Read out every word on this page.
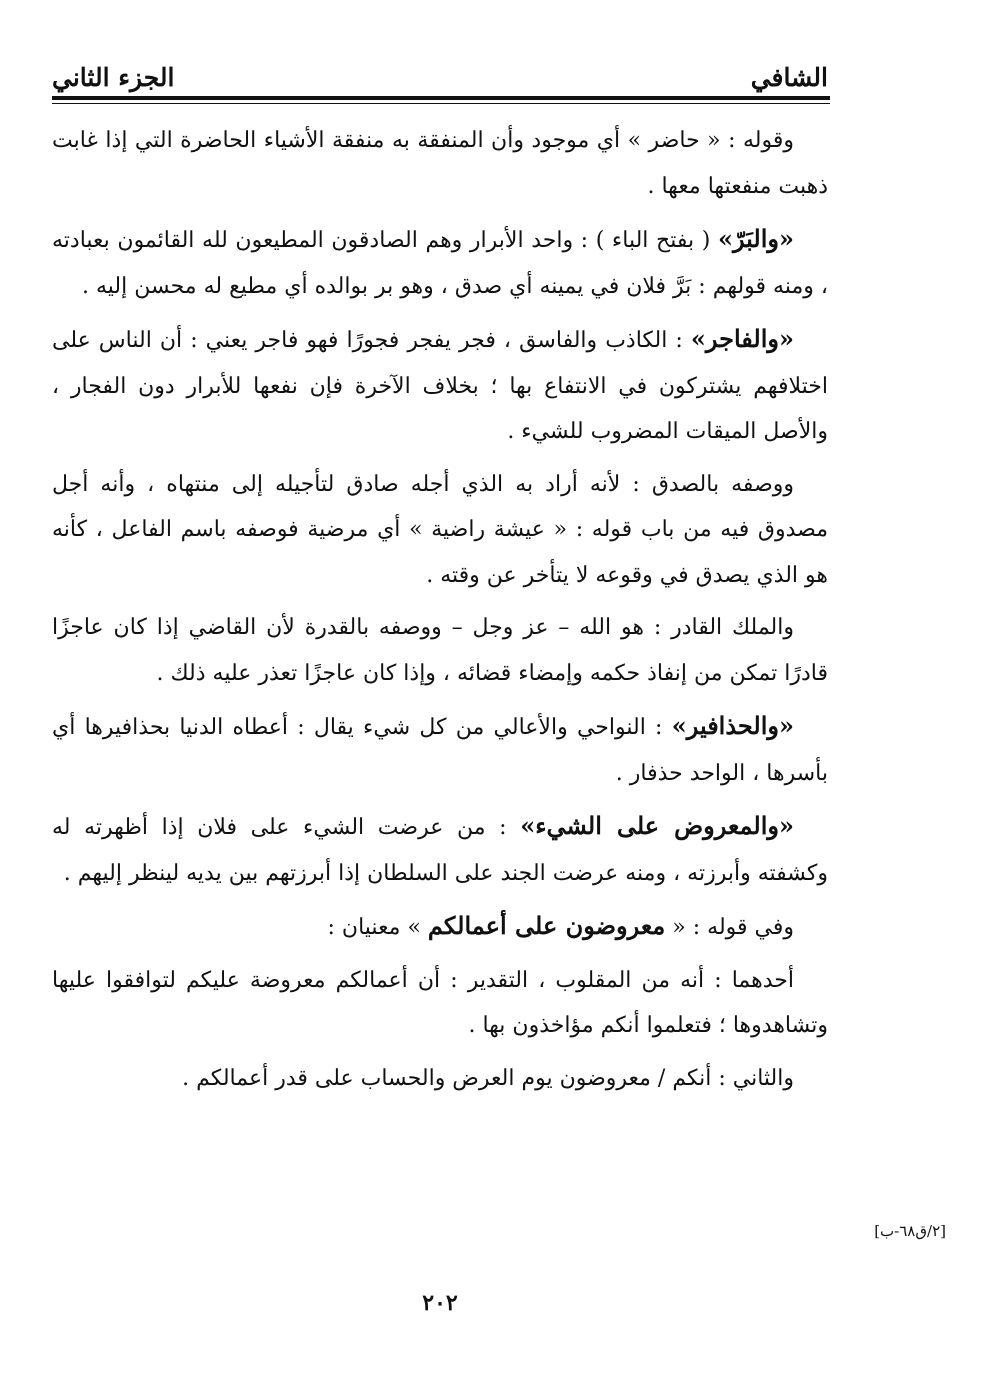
الشافي
الجزء الثاني

وقوله : « حاضر » أي موجود وأن المنفقة به منفقة الأشياء الحاضرة التي إذا غابت ذهبت منفعتها معها .

«والبَرّ» ( بفتح الباء ) : واحد الأبرار وهم الصادقون المطيعون لله القائمون بعبادته ، ومنه قولهم : بَرَّ فلان في يمينه أي صدق ، وهو بر بوالده أي مطيع له محسن إليه .

«والفاجر» : الكاذب والفاسق ، فجر يفجر فجورًا فهو فاجر يعني : أن الناس على اختلافهم يشتركون في الانتفاع بها ؛ بخلاف الآخرة فإن نفعها للأبرار دون الفجار ، والأصل الميقات المضروب للشيء .

ووصفه بالصدق : لأنه أراد به الذي أجله صادق لتأجيله إلى منتهاه ، وأنه أجل مصدوق فيه من باب قوله : « عيشة راضية » أي مرضية فوصفه باسم الفاعل ، كأنه هو الذي يصدق في وقوعه لا يتأخر عن وقته .

والملك القادر : هو الله – عز وجل – ووصفه بالقدرة لأن القاضي إذا كان عاجزًا قادرًا تمكن من إنفاذ حكمه وإمضاء قضائه ، وإذا كان عاجزًا تعذر عليه ذلك .

«والحذافير» : النواحي والأعالي من كل شيء يقال : أعطاه الدنيا بحذافيرها أي بأسرها ، الواحد حذفار .

«والمعروض على الشيء» : من عرضت الشيء على فلان إذا أظهرته له وكشفته وأبرزته ، ومنه عرضت الجند على السلطان إذا أبرزتهم بين يديه لينظر إليهم .

وفي قوله : « معروضون على أعمالكم » معنيان :

أحدهما : أنه من المقلوب ، التقدير : أن أعمالكم معروضة عليكم لتوافقوا عليها وتشاهدوها ؛ فتعلموا أنكم مؤاخذون بها .

والثاني : أنكم / معروضون يوم العرض والحساب على قدر أعمالكم .

[٢/ق٦٨-ب]
٢٠٢
